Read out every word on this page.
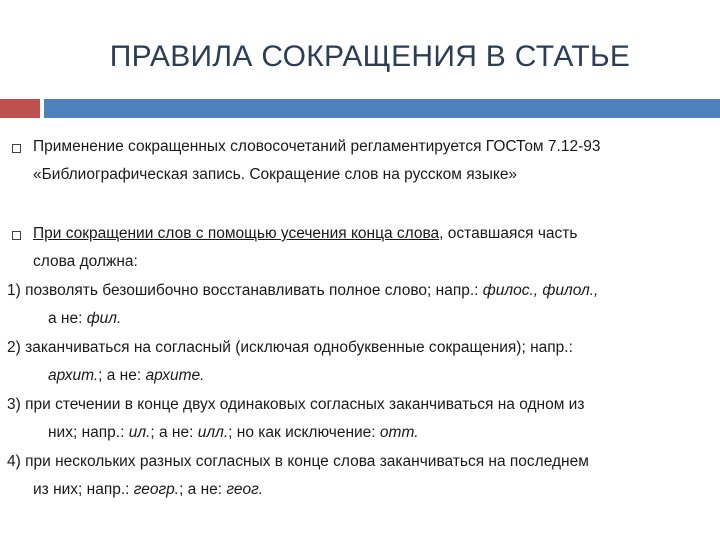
ПРАВИЛА СОКРАЩЕНИЯ В СТАТЬЕ
Применение сокращенных словосочетаний регламентируется ГОСТом 7.12-93
«Библиографическая запись. Сокращение слов на русском языке»
При сокращении слов с помощью усечения конца слова, оставшаяся часть
слова должна:
1) позволять безошибочно восстанавливать полное слово; напр.: филос., филол.,
а не: фил.
2) заканчиваться на согласный (исключая однобуквенные сокращения); напр.:
архит.; а не: архите.
3) при стечении в конце двух одинаковых согласных заканчиваться на одном из
них; напр.: ил.; а не: илл.; но как исключение: отт.
4) при нескольких разных согласных в конце слова заканчиваться на последнем
из них; напр.: геогр.; а не: геог.
